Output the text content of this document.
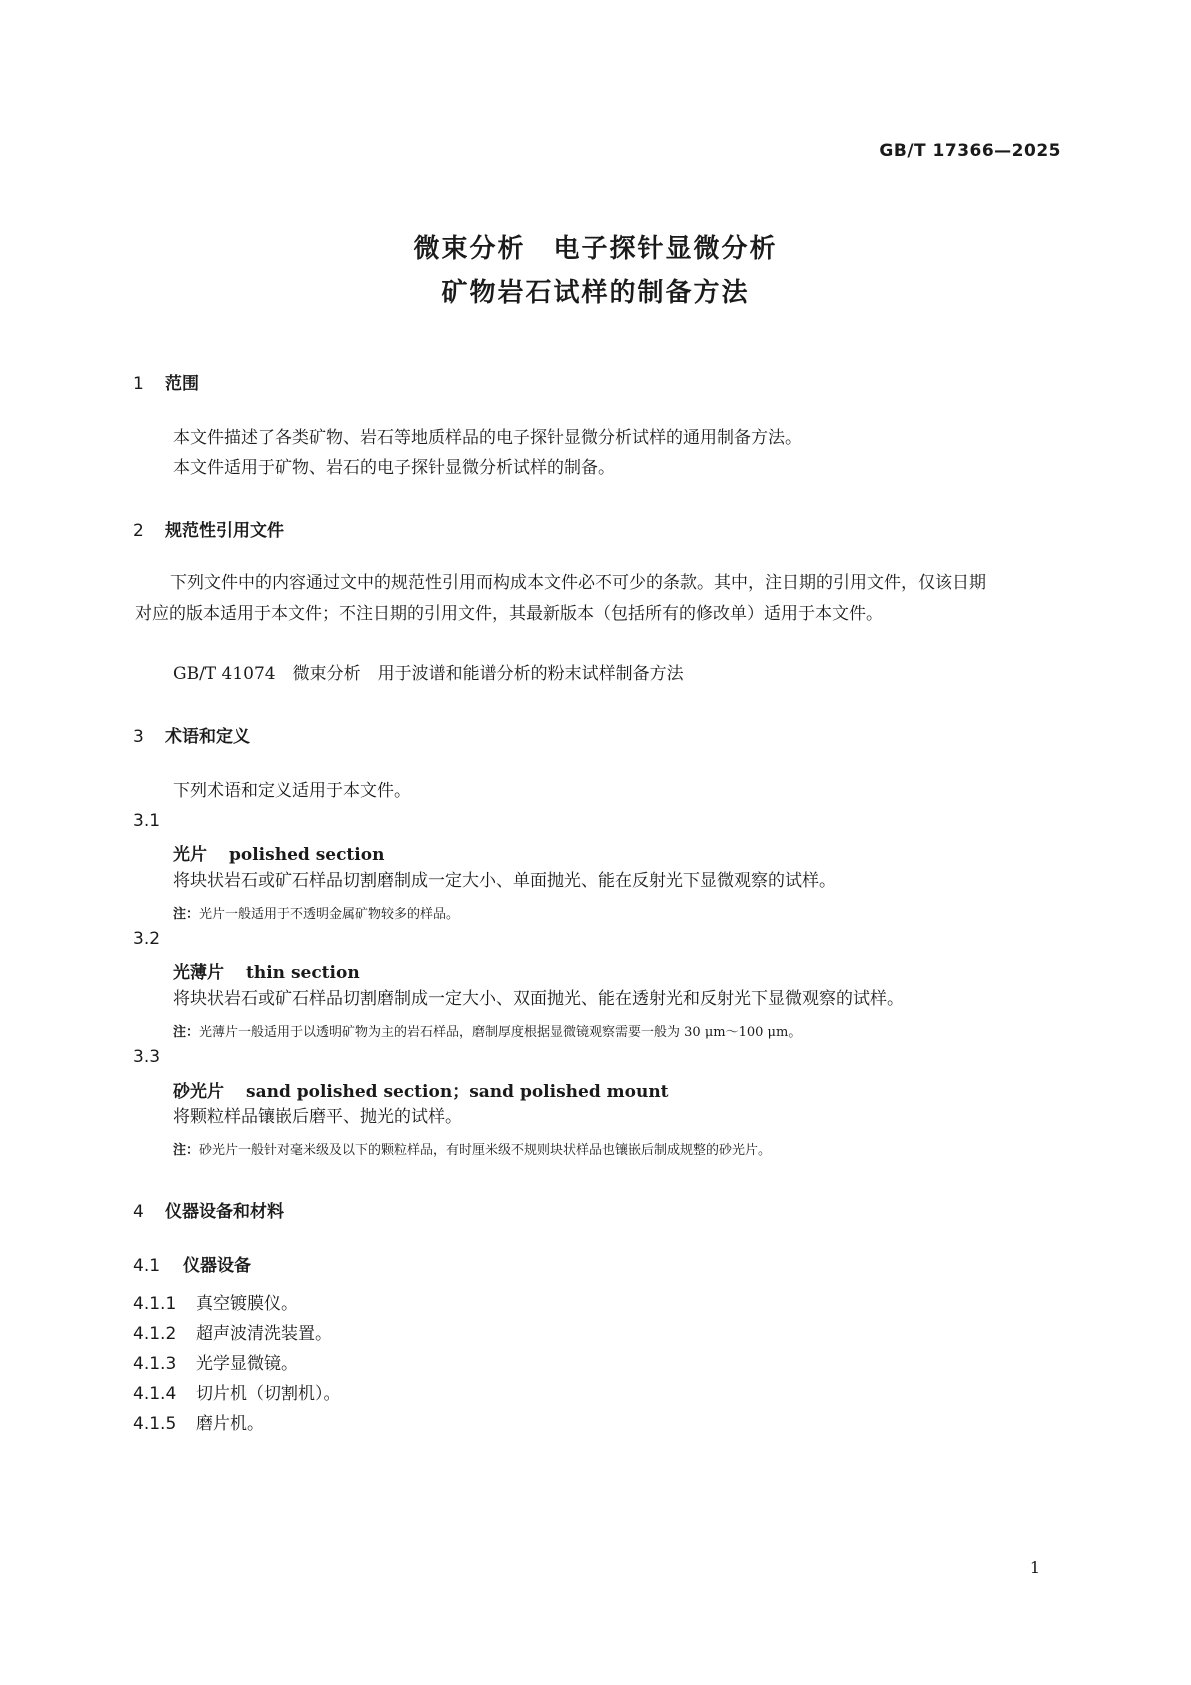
GB/T 17366—2025
微束分析　电子探针显微分析
矿物岩石试样的制备方法
1 范围
本文件描述了各类矿物、岩石等地质样品的电子探针显微分析试样的通用制备方法。
本文件适用于矿物、岩石的电子探针显微分析试样的制备。
2 规范性引用文件
下列文件中的内容通过文中的规范性引用而构成本文件必不可少的条款。其中，注日期的引用文件，仅该日期对应的版本适用于本文件；不注日期的引用文件，其最新版本（包括所有的修改单）适用于本文件。
GB/T 41074　微束分析　用于波谱和能谱分析的粉末试样制备方法
3 术语和定义
下列术语和定义适用于本文件。
3.1
光片 polished section
将块状岩石或矿石样品切割磨制成一定大小、单面抛光、能在反射光下显微观察的试样。
注：光片一般适用于不透明金属矿物较多的样品。
3.2
光薄片 thin section
将块状岩石或矿石样品切割磨制成一定大小、双面抛光、能在透射光和反射光下显微观察的试样。
注：光薄片一般适用于以透明矿物为主的岩石样品，磨制厚度根据显微镜观察需要一般为 30 μm～100 μm。
3.3
砂光片 sand polished section；sand polished mount
将颗粒样品镶嵌后磨平、抛光的试样。
注：砂光片一般针对毫米级及以下的颗粒样品，有时厘米级不规则块状样品也镶嵌后制成规整的砂光片。
4 仪器设备和材料
4.1 仪器设备
4.1.1 真空镀膜仪。
4.1.2 超声波清洗装置。
4.1.3 光学显微镜。
4.1.4 切片机（切割机）。
4.1.5 磨片机。
1
